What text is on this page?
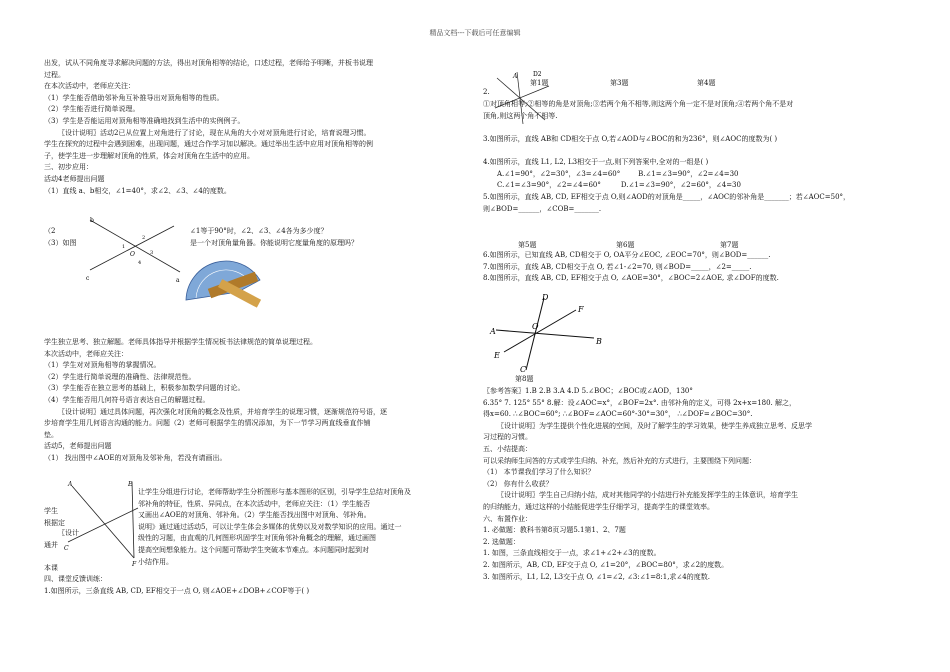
精品文档---下载后可任意编辑

出发，试从不同角度寻求解决问题的方法，得出对顶角相等的结论，口述过程，老师给予明晰，并板书说理

过程。

在本次活动中，老师应关注：

（1）学生能否借助邻补角互补推导出对顶角相等的性质。

（2）学生能否进行简单说理。

（3）学生是否能运用对顶角相等准确地找到生活中的实例例子。

〖设计说明〗活动2已从位置上对角进行了讨论，现在从角的大小对对顶角进行讨论，培育说理习惯。

学生在探究的过程中会遇到困难，出现问题，通过合作学习加以解决。通过举出生活中应用对顶角相等的例

子，使学生进一步理解对顶角的性质，体会对顶角在生活中的应用。

三、初步应用：

活动4老师提出问题

（1）直线 a、b相交，∠1=40°，求∠2、∠3、∠4的度数。

b
c	a
2
1
4
3
O
（2	∠1等于90°时，∠2、∠3、∠4各为多少度？
（3）如图	是一个对顶角量角器。你能说明它度量角度的原理吗？

学生独立思考、独立解题。老师具体指导并根据学生情况板书法律规范的简单说理过程。

本次活动中，老师应关注：

（1）学生对对顶角相等的掌握情况。

（2）学生进行简单说理的准确性、法律规范性。

（3）学生能否在独立思考的基础上，积极参加数学问题的讨论。

（4）学生能否用几何符号语言表达自己的解题过程。

〖设计说明〗通过具体问题，再次强化对顶角的概念及性质，并培育学生的说理习惯，逐渐规范符号语，逐

步培育学生用几何语言沟通的能力。问题（2）老师可根据学生的情况添加，为下一节学习两直线垂直作铺

垫。

活动5，老师提出问题

（1） 找出图中∠AOE的对顶角及邻补角，若没有请画出。

A	E
C
F
学生
根据定
〖设计
通并
本课

让学生分组进行讨论，老师帮助学生分析图形与基本图形的区别，引导学生总结对顶角及

邻补角的特征，性质、异同点，在本次活动中，老师应关注：（1）学生能否

又画出∠AOE的对顶角、邻补角。（2）学生能否找出图中对顶角、邻补角。

说明》通过通过活动5，可以让学生体会多媒体的优势以及对数学知识的应用。通过一

级性的习题，由直观的几何图形巩固学生对顶角邻补角概念的理解，通过画图

提高空间想象能力。这个问题可帮助学生突破本节难点。本问题同时起到对

小结作用。

四、课堂反馈训练：

1.如图所示，三条直线 AB, CD, EF相交于一点 O, 则∠AOE+∠DOB+∠COF等于( )

2.
第1题	第3题	第4题
A	D2

①对顶角相等;②相等的角是对顶角;③若两个角不相等,则这两个角一定不是对顶角;④若两个角不是对

顶角,则这两个角不相等.

3.如图所示，直线 AB和 CD相交于点 O,若∠AOD与∠BOC的和为236°，则∠AOC的度数为( )

4.如图所示，直线 L1, L2, L3相交于一点,则下列答案中,全对的一组是( )

A.∠1=90°，∠2=30°，∠3=∠4=60°	B.∠1=∠3=90°，∠2=∠4=30

C.∠1=∠3=90°，∠2=∠4=60°	D.∠1=∠3=90°，∠2=60°，∠4=30

5.如图所示，直线 AB, CD, EF相交于点 O,则∠AOD的对顶角是_____，∠AOC的邻补角是_______；若∠AOC=50°，

则∠BOD=______，∠COB=_______.

第5题	第6题	第7题

6.如图所示，已知直线 AB, CD相交于 O, OA平分∠EOC, ∠EOC=70°，则∠BOD=______.

7.如图所示，直线 AB, CD相交于点 O, 若∠1-∠2=70, 则∠BOD=_____，∠2=_____.

8.如图所示，直线 AB, CD, EF相交于点 O, ∠AOE=30°，∠BOC=2∠AOE, 求∠DOF的度数.

A
B
D
C
E
F
O
第8题

〖参考答案〗1.B 2.B 3.A 4.D 5.∠BOC；∠BOC或∠AOD，130°

6.35° 7. 125° 55° 8.解：设∠AOC=x°，∠BOF=2x°. 由邻补角的定义，可得 2x+x=180. 解之，

得x=60. ∴∠BOC=60°; ∴∠BOF=∠AOC=60°-30°=30°， ∴∠DOF=∠BOC=30°.

〖设计说明〗为学生提供个性化进展的空间，及时了解学生的学习效果，使学生养成独立思考、反思学

习过程的习惯。

五、小结提高：

可以采纳师生问答的方式或学生归纳、补充，然后补充的方式进行，主要围绕下列问题：

（1） 本节课我们学习了什么知识？

（2） 你有什么收获？

〖设计说明〗学生自己归纳小结，成对其他同学的小结进行补充能发挥学生的主体意识，培育学生

的归纳能力，通过这样的小结能促进学生仔细学习，提高学生的课堂效率。

六、布置作业：

1. 必做题：教科书第8页习题5.1第1、2、7题

2. 选做题：

1. 如图，三条直线相交于一点，求∠1+∠2+∠3的度数。

2. 如图所示，AB, CD, EF交于点 O, ∠1=20°，∠BOC=80°，求∠2的度数。

3. 如图所示，L1, L2, L3交于点 O, ∠1=∠2, ∠3:∠1=8:1,求∠4的度数.
